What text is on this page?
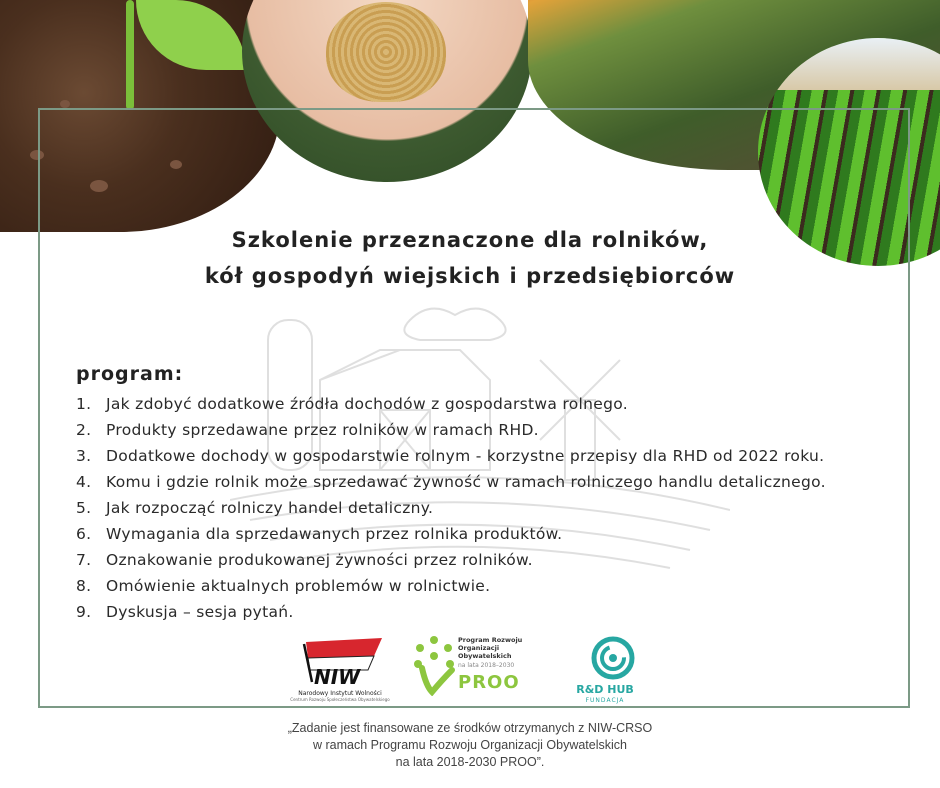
Szkolenie przeznaczone dla rolników,
kół gospodyń wiejskich i przedsiębiorców
program:
1. Jak zdobyć dodatkowe źródła dochodów z gospodarstwa rolnego.
2. Produkty sprzedawane przez rolników w ramach RHD.
3. Dodatkowe dochody w gospodarstwie rolnym - korzystne przepisy dla RHD od 2022 roku.
4. Komu i gdzie rolnik może sprzedawać żywność w ramach rolniczego handlu detalicznego.
5. Jak rozpocząć rolniczy handel detaliczny.
6. Wymagania dla sprzedawanych przez rolnika produktów.
7. Oznakowanie produkowanej żywności przez rolników.
8. Omówienie aktualnych problemów w rolnictwie.
9. Dyskusja – sesja pytań.
NIW
Narodowy Instytut Wolności
Centrum Rozwoju Społeczeństwa Obywatelskiego
Program Rozwoju
Organizacji
Obywatelskich
na lata 2018–2030
PROO	R&D HUB
FUNDACJA
„Zadanie jest finansowane ze środków otrzymanych z NIW-CRSO
w ramach Programu Rozwoju Organizacji Obywatelskich
na lata 2018-2030 PROO”.
